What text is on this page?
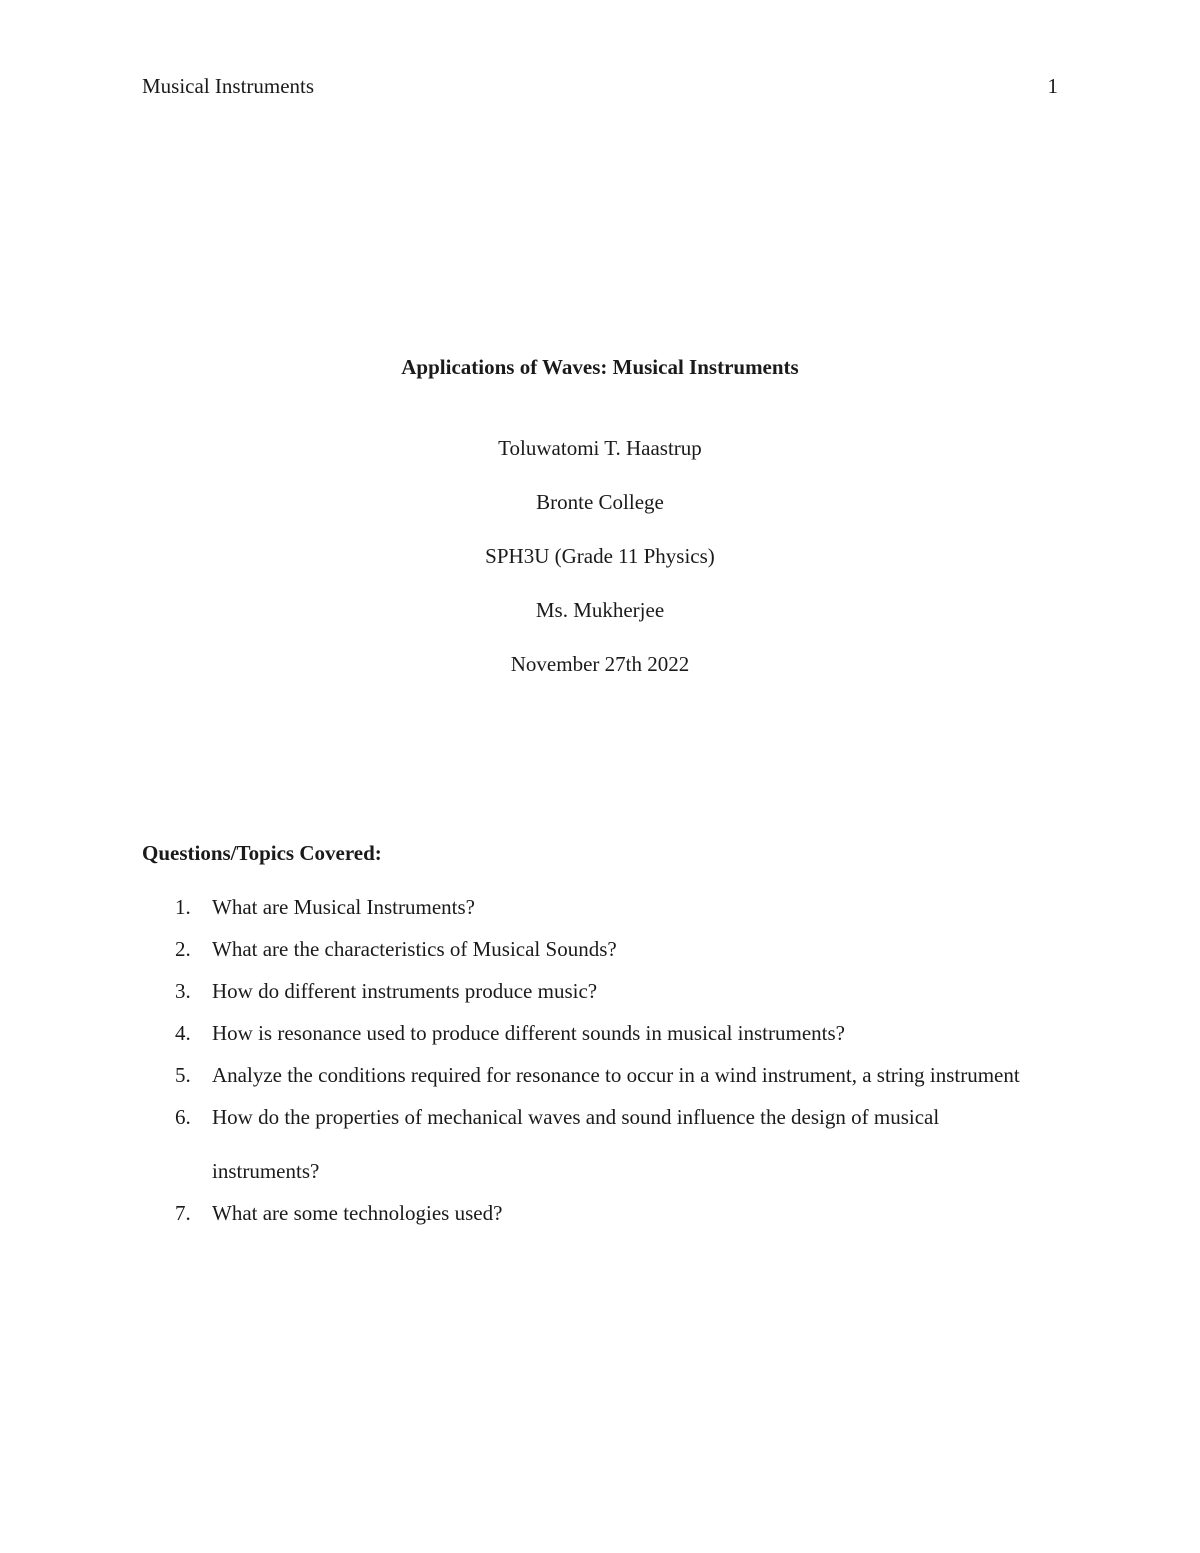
Musical Instruments	1

Applications of Waves: Musical Instruments

Toluwatomi T. Haastrup

Bronte College

SPH3U (Grade 11 Physics)

Ms. Mukherjee

November 27th 2022

Questions/Topics Covered:
1. What are Musical Instruments?
2. What are the characteristics of Musical Sounds?
3. How do different instruments produce music?
4. How is resonance used to produce different sounds in musical instruments?
5. Analyze the conditions required for resonance to occur in a wind instrument, a string instrument
6. How do the properties of mechanical waves and sound influence the design of musical instruments?
7. What are some technologies used?
